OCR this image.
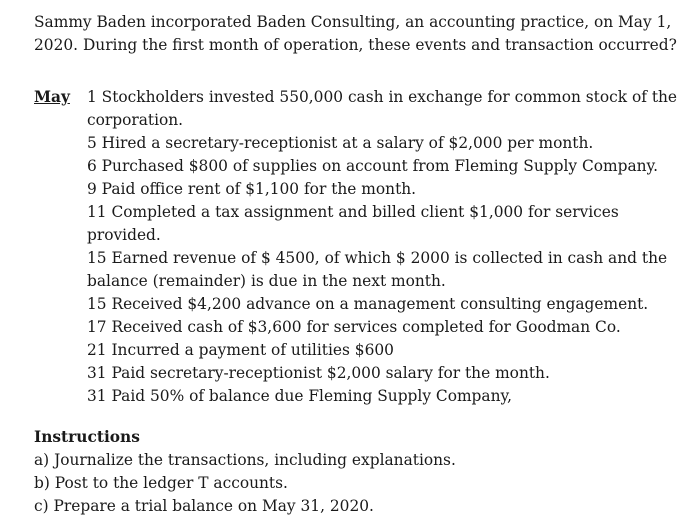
Sammy Baden incorporated Baden Consulting, an accounting practice, on May 1,

2020. During the first month of operation, these events and transaction occurred?

May 1 Stockholders invested 550,000 cash in exchange for common stock of the
corporation.
5 Hired a secretary-receptionist at a salary of $2,000 per month.
6 Purchased $800 of supplies on account from Fleming Supply Company.
9 Paid office rent of $1,100 for the month.
11 Completed a tax assignment and billed client $1,000 for services provided.
15 Earned revenue of $ 4500, of which $ 2000 is collected in cash and the
balance (remainder) is due in the next month.
15 Received $4,200 advance on a management consulting engagement.
17 Received cash of $3,600 for services completed for Goodman Co.
21 Incurred a payment of utilities $600
31 Paid secretary-receptionist $2,000 salary for the month.
31 Paid 50% of balance due Fleming Supply Company,

Instructions

a) Journalize the transactions, including explanations.
b) Post to the ledger T accounts.
c) Prepare a trial balance on May 31, 2020.
